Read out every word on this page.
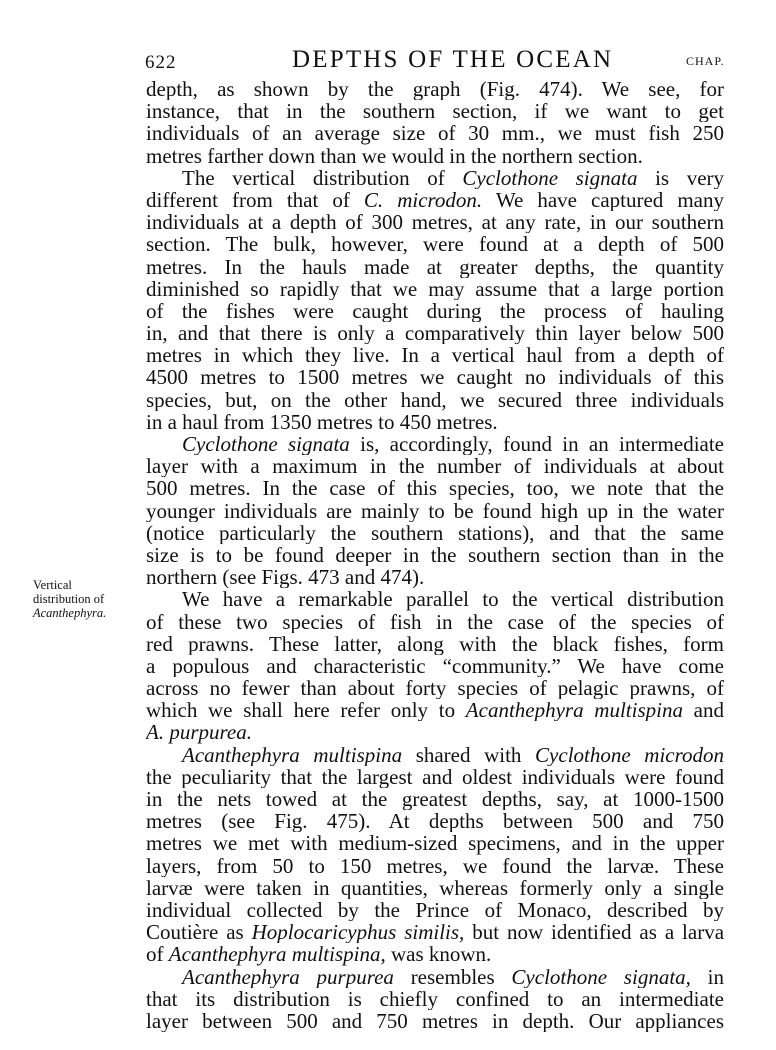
622	DEPTHS OF THE OCEAN	CHAP.
Vertical
distribution of
Acanthephyra.
depth, as shown by the graph (Fig. 474). We see, for
instance, that in the southern section, if we want to get
individuals of an average size of 30 mm., we must fish 250
metres farther down than we would in the northern section.
The vertical distribution of Cyclothone signata is very
different from that of C. microdon. We have captured many
individuals at a depth of 300 metres, at any rate, in our southern
section. The bulk, however, were found at a depth of 500
metres. In the hauls made at greater depths, the quantity
diminished so rapidly that we may assume that a large portion
of the fishes were caught during the process of hauling
in, and that there is only a comparatively thin layer below 500
metres in which they live. In a vertical haul from a depth of
4500 metres to 1500 metres we caught no individuals of this
species, but, on the other hand, we secured three individuals
in a haul from 1350 metres to 450 metres.
Cyclothone signata is, accordingly, found in an intermediate
layer with a maximum in the number of individuals at about
500 metres. In the case of this species, too, we note that the
younger individuals are mainly to be found high up in the water
(notice particularly the southern stations), and that the same
size is to be found deeper in the southern section than in the
northern (see Figs. 473 and 474).
We have a remarkable parallel to the vertical distribution
of these two species of fish in the case of the species of
red prawns. These latter, along with the black fishes, form
a populous and characteristic “community.” We have come
across no fewer than about forty species of pelagic prawns, of
which we shall here refer only to Acanthephyra multispina and
A. purpurea.
Acanthephyra multispina shared with Cyclothone microdon
the peculiarity that the largest and oldest individuals were found
in the nets towed at the greatest depths, say, at 1000-1500
metres (see Fig. 475). At depths between 500 and 750
metres we met with medium-sized specimens, and in the upper
layers, from 50 to 150 metres, we found the larvæ. These
larvæ were taken in quantities, whereas formerly only a single
individual collected by the Prince of Monaco, described by
Coutière as Hoplocaricyphus similis, but now identified as a larva
of Acanthephyra multispina, was known.
Acanthephyra purpurea resembles Cyclothone signata, in
that its distribution is chiefly confined to an intermediate
layer between 500 and 750 metres in depth. Our appliances
